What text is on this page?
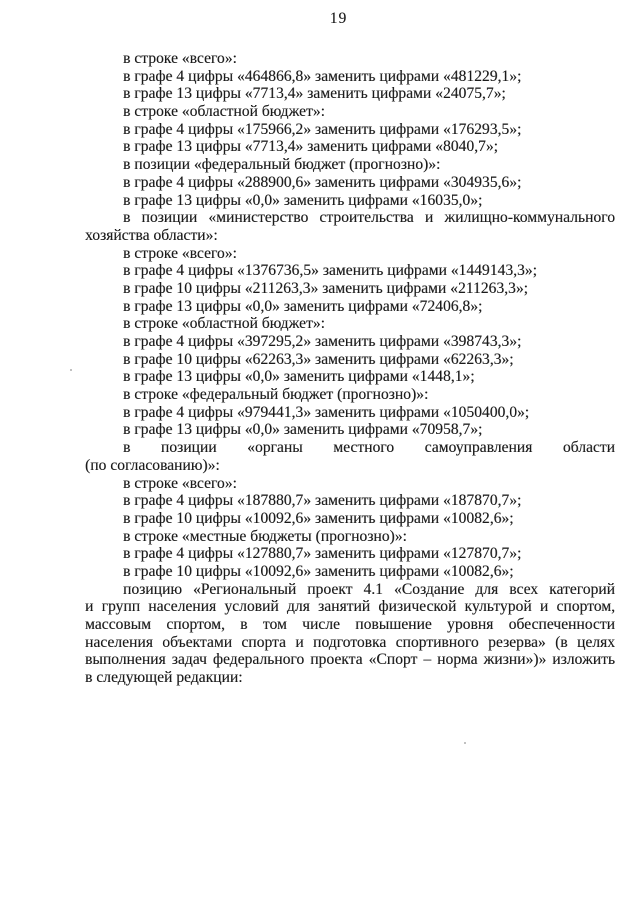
19
в строке «всего»:
в графе 4 цифры «464866,8» заменить цифрами «481229,1»;
в графе 13 цифры «7713,4» заменить цифрами «24075,7»;
в строке «областной бюджет»:
в графе 4 цифры «175966,2» заменить цифрами «176293,5»;
в графе 13 цифры «7713,4» заменить цифрами «8040,7»;
в позиции «федеральный бюджет (прогнозно)»:
в графе 4 цифры «288900,6» заменить цифрами «304935,6»;
в графе 13 цифры «0,0» заменить цифрами «16035,0»;
в позиции «министерство строительства и жилищно-коммунального
хозяйства области»:
в строке «всего»:
в графе 4 цифры «1376736,5» заменить цифрами «1449143,3»;
в графе 10 цифры «211263,3» заменить цифрами «211263,3»;
в графе 13 цифры «0,0» заменить цифрами «72406,8»;
в строке «областной бюджет»:
в графе 4 цифры «397295,2» заменить цифрами «398743,3»;
в графе 10 цифры «62263,3» заменить цифрами «62263,3»;
в графе 13 цифры «0,0» заменить цифрами «1448,1»;
в строке «федеральный бюджет (прогнозно)»:
в графе 4 цифры «979441,3» заменить цифрами «1050400,0»;
в графе 13 цифры «0,0» заменить цифрами «70958,7»;
в позиции «органы местного самоуправления области
(по согласованию)»:
в строке «всего»:
в графе 4 цифры «187880,7» заменить цифрами «187870,7»;
в графе 10 цифры «10092,6» заменить цифрами «10082,6»;
в строке «местные бюджеты (прогнозно)»:
в графе 4 цифры «127880,7» заменить цифрами «127870,7»;
в графе 10 цифры «10092,6» заменить цифрами «10082,6»;
позицию «Региональный проект 4.1 «Создание для всех категорий
и групп населения условий для занятий физической культурой и спортом,
массовым спортом, в том числе повышение уровня обеспеченности
населения объектами спорта и подготовка спортивного резерва» (в целях
выполнения задач федерального проекта «Спорт – норма жизни»)» изложить
в следующей редакции:
